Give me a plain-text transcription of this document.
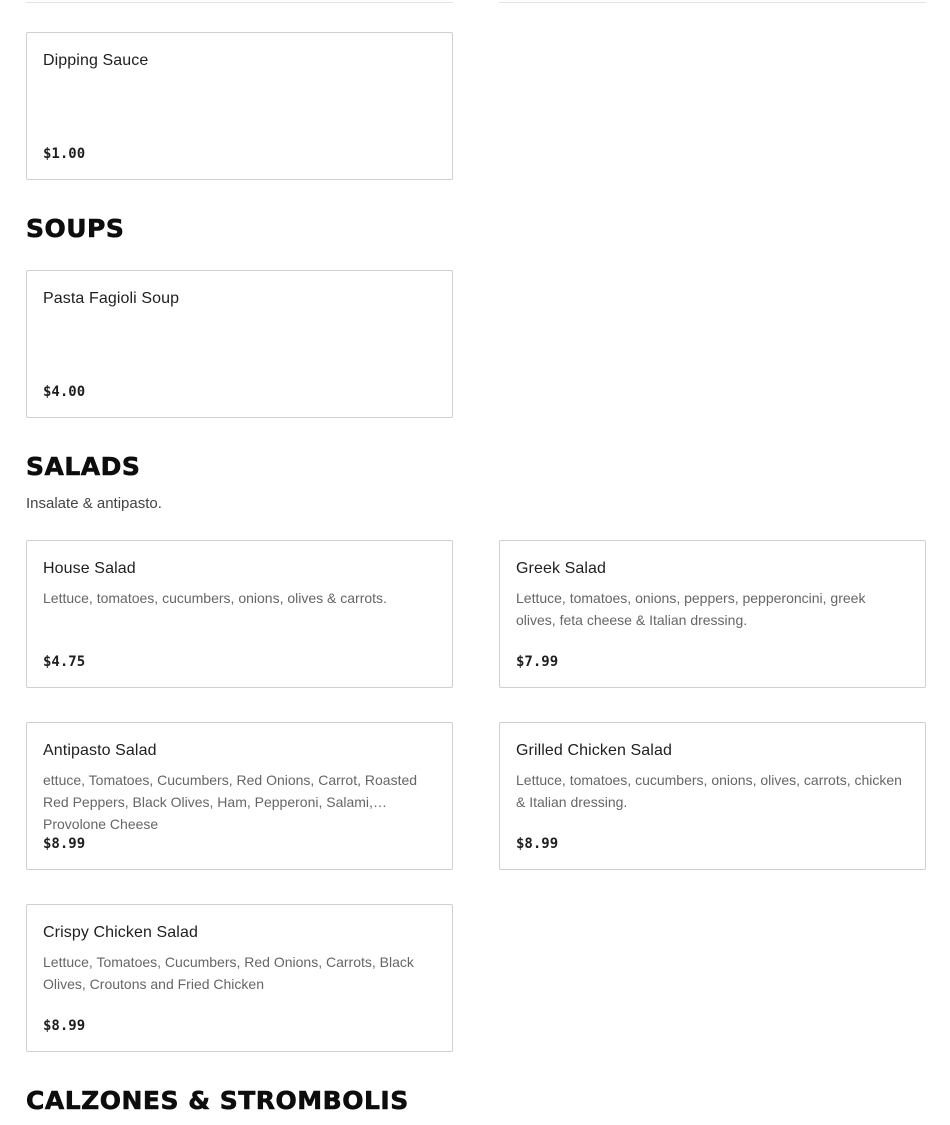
Dipping Sauce
$1.00
SOUPS
Pasta Fagioli Soup
$4.00
SALADS
Insalate & antipasto.
House Salad
Lettuce, tomatoes, cucumbers, onions, olives & carrots.
$4.75
Greek Salad
Lettuce, tomatoes, onions, peppers, pepperoncini, greek olives, feta cheese & Italian dressing.
$7.99
Antipasto Salad
ettuce, Tomatoes, Cucumbers, Red Onions, Carrot, Roasted Red Peppers, Black Olives, Ham, Pepperoni, Salami, Provolone Cheese
$8.99
Grilled Chicken Salad
Lettuce, tomatoes, cucumbers, onions, olives, carrots, chicken & Italian dressing.
$8.99
Crispy Chicken Salad
Lettuce, Tomatoes, Cucumbers, Red Onions, Carrots, Black Olives, Croutons and Fried Chicken
$8.99
CALZONES & STROMBOLIS
